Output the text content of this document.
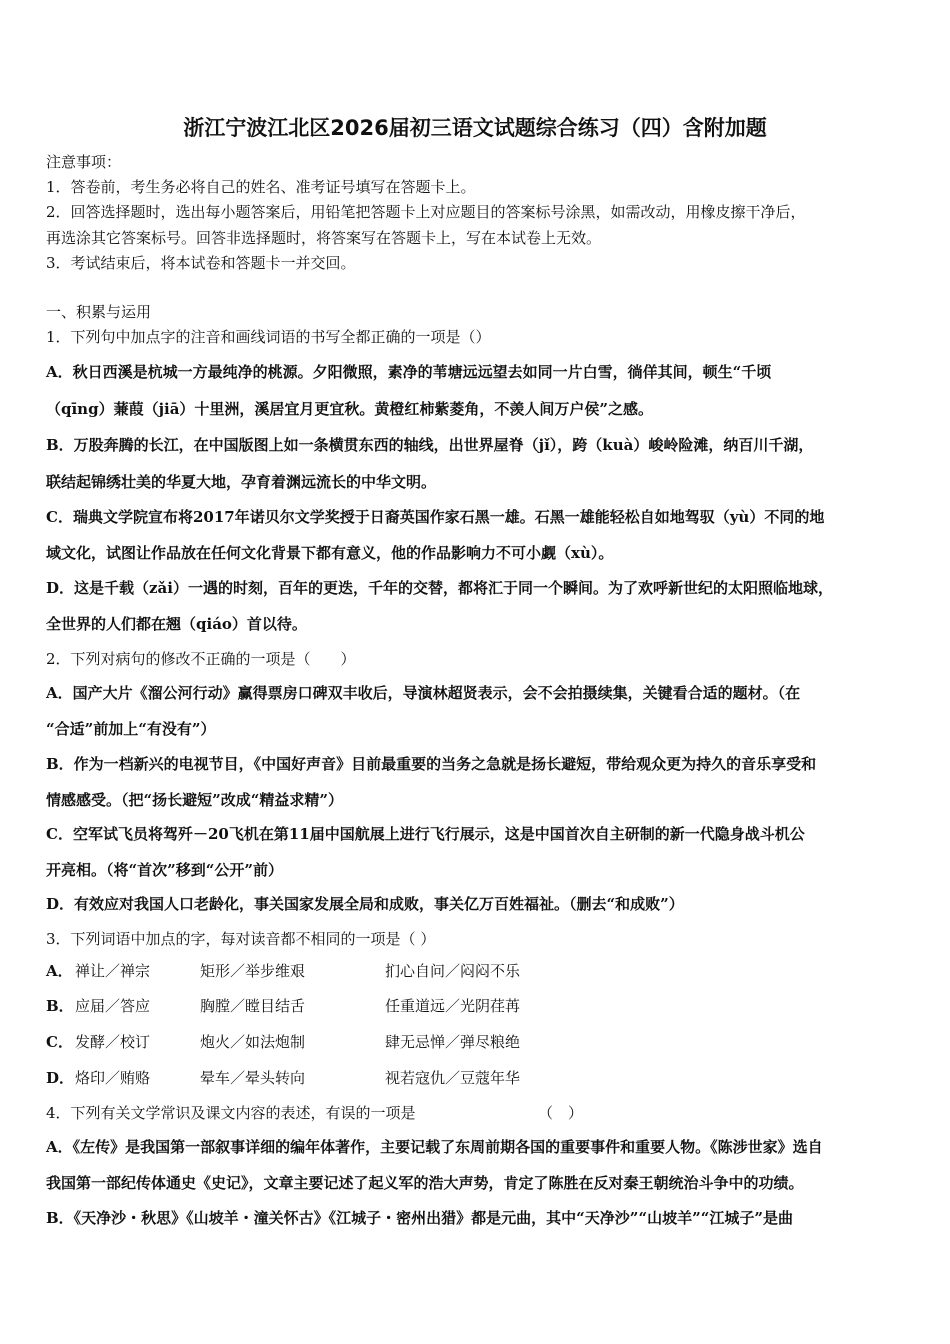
浙江宁波江北区2026届初三语文试题综合练习（四）含附加题
注意事项：
1．答卷前，考生务必将自己的姓名、准考证号填写在答题卡上。
2．回答选择题时，选出每小题答案后，用铅笔把答题卡上对应题目的答案标号涂黑，如需改动，用橡皮擦干净后，
再选涂其它答案标号。回答非选择题时，将答案写在答题卡上，写在本试卷上无效。
3．考试结束后，将本试卷和答题卡一并交回。
一、积累与运用
1．下列句中加点字的注音和画线词语的书写全都正确的一项是（）
A．秋日西溪是杭城一方最纯净的桃源。夕阳微照，素净的苇塘远远望去如同一片白雪，徜佯其间，顿生“千顷
（qīng）蒹葭（jiā）十里洲，溪居宜月更宜秋。黄橙红柿紫菱角，不羡人间万户侯”之感。
B．万股奔腾的长江，在中国版图上如一条横贯东西的轴线，出世界屋脊（jǐ），跨（kuà）峻岭险滩，纳百川千湖，
联结起锦绣壮美的华夏大地，孕育着渊远流长的中华文明。
C．瑞典文学院宣布将2017年诺贝尔文学奖授于日裔英国作家石黑一雄。石黑一雄能轻松自如地驾驭（yù）不同的地
域文化，试图让作品放在任何文化背景下都有意义，他的作品影响力不可小觑（xù）。
D．这是千载（zǎi）一遇的时刻，百年的更迭，千年的交替，都将汇于同一个瞬间。为了欢呼新世纪的太阳照临地球，
全世界的人们都在翘（qiáo）首以待。
2．下列对病句的修改不正确的一项是（　　）
A．国产大片《溜公河行动》赢得票房口碑双丰收后，导演林超贤表示，会不会拍摄续集，关键看合适的题材。（在
“合适”前加上“有没有”）
B．作为一档新兴的电视节目，《中国好声音》目前最重要的当务之急就是扬长避短，带给观众更为持久的音乐享受和
情感感受。（把“扬长避短”改成“精益求精”）
C．空军试飞员将驾歼－20飞机在第11届中国航展上进行飞行展示，这是中国首次自主研制的新一代隐身战斗机公
开亮相。（将“首次”移到“公开”前）
D．有效应对我国人口老龄化，事关国家发展全局和成败，事关亿万百姓福祉。（删去“和成败”）
3．下列词语中加点的字，每对读音都不相同的一项是（ ）
A． 禅让／禅宗	矩形／举步维艰	扪心自问／闷闷不乐
B． 应届／答应	胸膛／瞠目结舌	任重道远／光阴荏苒
C． 发酵／校订	炮火／如法炮制	肆无忌惮／弹尽粮绝
D． 烙印／贿赂	晕车／晕头转向	视若寇仇／豆蔻年华
4．下列有关文学常识及课文内容的表述，有误的一项是	（　）
A．《左传》是我国第一部叙事详细的编年体著作，主要记载了东周前期各国的重要事件和重要人物。《陈涉世家》选自
我国第一部纪传体通史《史记》，文章主要记述了起义军的浩大声势，肯定了陈胜在反对秦王朝统治斗争中的功绩。
B．《天净沙・秋思》《山坡羊・潼关怀古》《江城子・密州出猎》都是元曲，其中“天净沙”“山坡羊”“江城子”是曲
